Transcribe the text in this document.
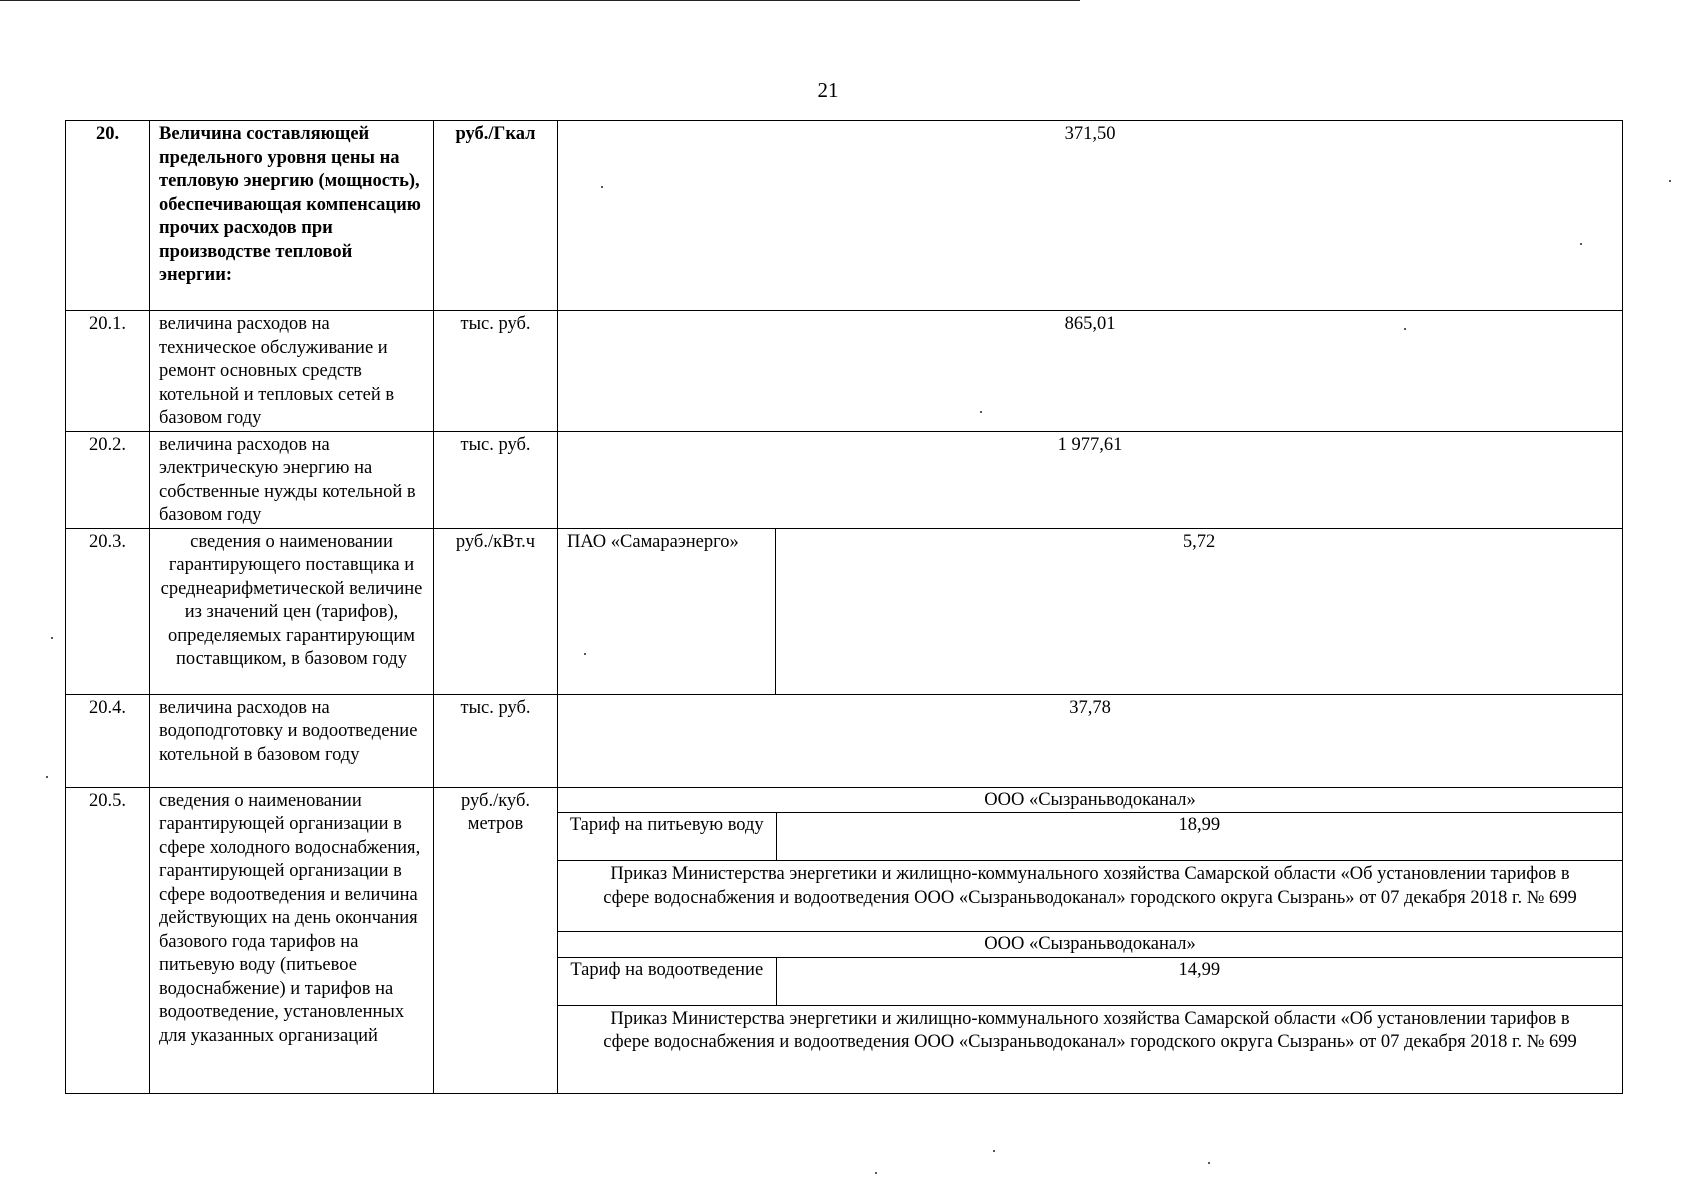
21
20.	Величина составляющей предельного уровня цены на тепловую энергию (мощность), обеспечивающая компенсацию прочих расходов при производстве тепловой энергии:	руб./Гкал	371,50
20.1.	величина расходов на техническое обслуживание и ремонт основных средств котельной и тепловых сетей в базовом году	тыс. руб.	865,01
20.2.	величина расходов на электрическую энергию на собственные нужды котельной в базовом году	тыс. руб.	1 977,61
20.3.	сведения о наименовании гарантирующего поставщика и среднеарифметической величине из значений цен (тарифов), определяемых гарантирующим поставщиком, в базовом году	руб./кВт.ч	ПАО «Самараэнерго»	5,72
20.4.	величина расходов на водоподготовку и водоотведение котельной в базовом году	тыс. руб.	37,78
20.5.	сведения о наименовании гарантирующей организации в сфере холодного водоснабжения, гарантирующей организации в сфере водоотведения и величина действующих на день окончания базового года тарифов на питьевую воду (питьевое водоснабжение) и тарифов на водоотведение, установленных для указанных организаций	руб./куб. метров	
ООО «Сызраньводоканал»
Тариф на питьевую воду	18,99
Приказ Министерства энергетики и жилищно-коммунального хозяйства Самарской области «Об установлении тарифов в сфере водоснабжения и водоотведения ООО «Сызраньводоканал» городского округа Сызрань» от 07 декабря 2018 г. № 699
ООО «Сызраньводоканал»
Тариф на водоотведение	14,99
Приказ Министерства энергетики и жилищно-коммунального хозяйства Самарской области «Об установлении тарифов в сфере водоснабжения и водоотведения ООО «Сызраньводоканал» городского округа Сызрань» от 07 декабря 2018 г. № 699
